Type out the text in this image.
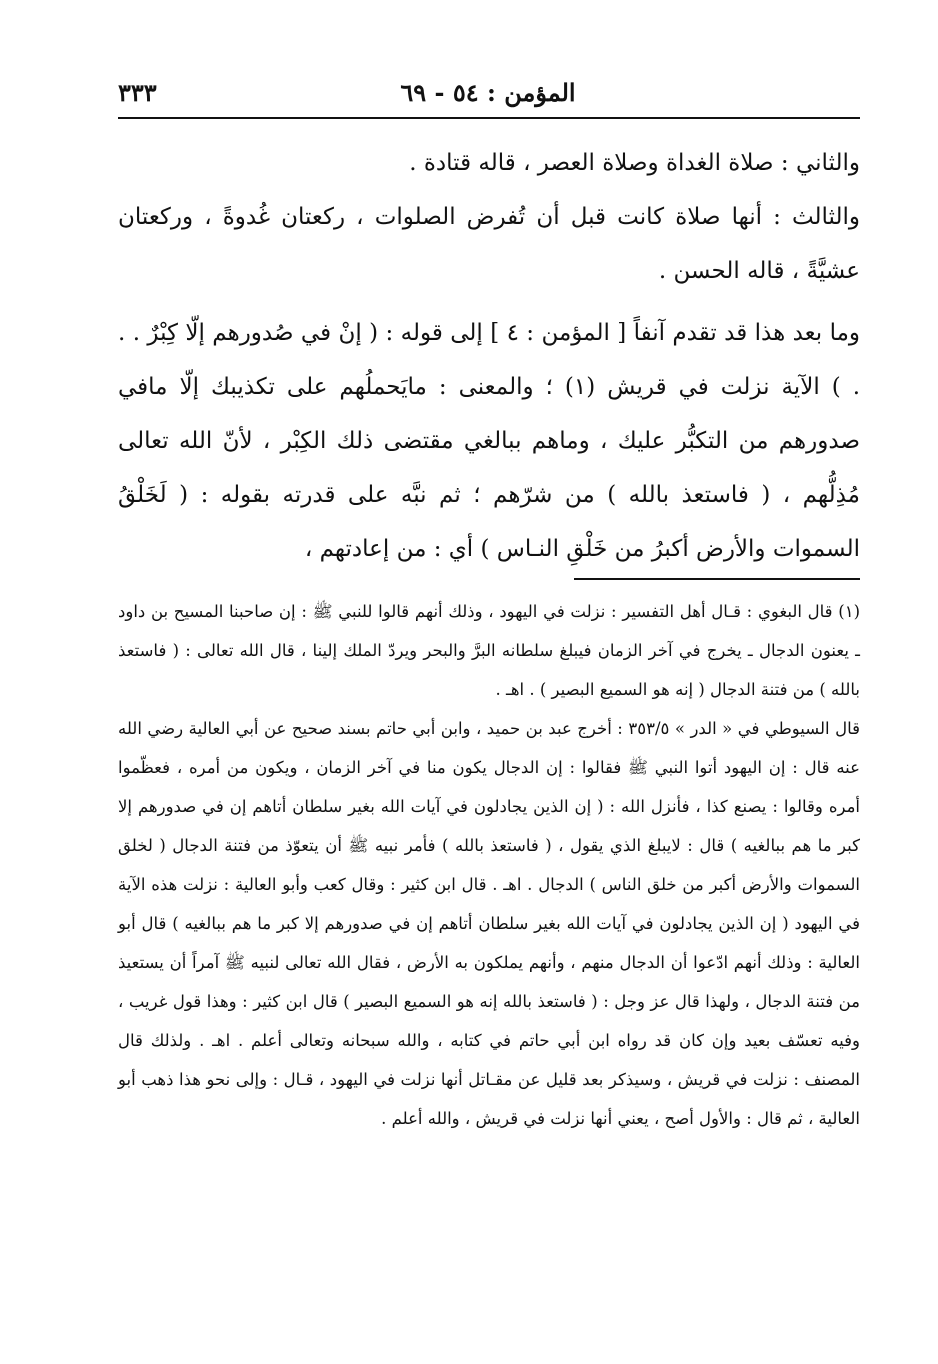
٣٣٣	المؤمن : ٥٤ - ٦٩

والثاني : صلاة الغداة وصلاة العصر ، قاله قتادة .

والثالث : أنها صلاة كانت قبل أن تُفرض الصلوات ، ركعتان غُدوةً ، وركعتان عشيَّةً ، قاله الحسن .

وما بعد هذا قد تقدم آنفاً [ المؤمن : ٤ ] إلى قوله : ( إنْ في صُدورهم إلّا كِبْرٌ . . . ) الآية نزلت في قريش (١) ؛ والمعنى : مايَحملُهم على تكذيبك إلّا مافي صدورهم من التكبُّر عليك ، وماهم ببالغي مقتضى ذلك الكِبْر ، لأنّ الله تعالى مُذِلُّهم ، ( فاستعذ بالله ) من شرّهم ؛ ثم نبَّه على قدرته بقوله : ( لَخَلْقُ السموات والأرض أكبرُ من خَلْقِ النـاس ) أي : من إعادتهم ،

(١) قال البغوي : قـال أهل التفسير : نزلت في اليهود ، وذلك أنهم قالوا للنبي ﷺ : إن صاحبنا المسيح بن داود ـ يعنون الدجال ـ يخرج في آخر الزمان فيبلغ سلطانه البرَّ والبحر ويردّ الملك إلينا ، قال الله تعالى : ( فاستعذ بالله ) من فتنة الدجال ( إنه هو السميع البصير ) . اهـ .

قال السيوطي في « الدر » ٣٥٣/٥ : أخرج عبد بن حميد ، وابن أبي حاتم بسند صحيح عن أبي العالية رضي الله عنه قال : إن اليهود أتوا النبي ﷺ فقالوا : إن الدجال يكون منا في آخر الزمان ، ويكون من أمره ، فعظّموا أمره وقالوا : يصنع كذا ، فأنزل الله : ( إن الذين يجادلون في آيات الله بغير سلطان أتاهم إن في صدورهم إلا كبر ما هم ببالغيه ) قال : لايبلغ الذي يقول ، ( فاستعذ بالله ) فأمر نبيه ﷺ أن يتعوّذ من فتنة الدجال ( لخلق السموات والأرض أكبر من خلق الناس ) الدجال . اهـ . قال ابن كثير : وقال كعب وأبو العالية : نزلت هذه الآية في اليهود ( إن الذين يجادلون في آيات الله بغير سلطان أتاهم إن في صدورهم إلا كبر ما هم ببالغيه ) قال أبو العالية : وذلك أنهم ادّعوا أن الدجال منهم ، وأنهم يملكون به الأرض ، فقال الله تعالى لنبيه ﷺ آمراً أن يستعيذ من فتنة الدجال ، ولهذا قال عز وجل : ( فاستعذ بالله إنه هو السميع البصير ) قال ابن كثير : وهذا قول غريب ، وفيه تعسّف بعيد وإن كان قد رواه ابن أبي حاتم في كتابه ، والله سبحانه وتعالى أعلم . اهـ . ولذلك قال المصنف : نزلت في قريش ، وسيذكر بعد قليل عن مقـاتل أنها نزلت في اليهود ، قـال : وإلى نحو هذا ذهب أبو العالية ، ثم قال : والأول أصح ، يعني أنها نزلت في قريش ، والله أعلم .
